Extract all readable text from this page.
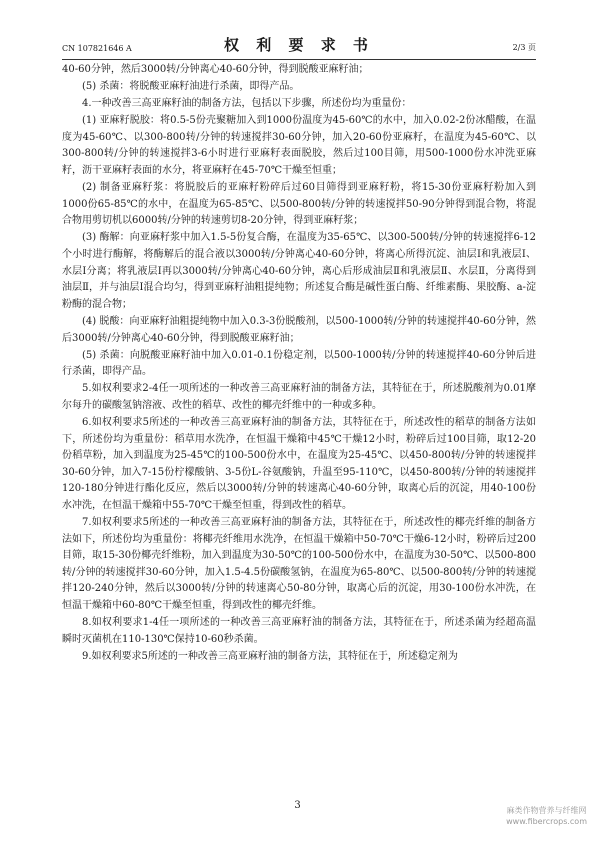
CN 107821646 A	权 利 要 求 书	2/3 页

40-60分钟，然后3000转/分钟离心40-60分钟，得到脱酸亚麻籽油；

(5) 杀菌：将脱酸亚麻籽油进行杀菌，即得产品。

4.一种改善三高亚麻籽油的制备方法，包括以下步骤，所述份均为重量份：

(1) 亚麻籽脱胶：将0.5-5份壳聚糖加入到1000份温度为45-60℃的水中，加入0.02-2份冰醋酸，在温度为45-60℃、以300-800转/分钟的转速搅拌30-60分钟，加入20-60份亚麻籽，在温度为45-60℃、以300-800转/分钟的转速搅拌3-6小时进行亚麻籽表面脱胶，然后过100目筛，用500-1000份水冲洗亚麻籽，沥干亚麻籽表面的水分，将亚麻籽在45-70℃干燥至恒重；

(2) 制备亚麻籽浆：将脱胶后的亚麻籽粉碎后过60目筛得到亚麻籽粉，将15-30份亚麻籽粉加入到1000份65-85℃的水中，在温度为65-85℃、以500-800转/分钟的转速搅拌50-90分钟得到混合物，将混合物用剪切机以6000转/分钟的转速剪切8-20分钟，得到亚麻籽浆；

(3) 酶解：向亚麻籽浆中加入1.5-5份复合酶，在温度为35-65℃、以300-500转/分钟的转速搅拌6-12个小时进行酶解，将酶解后的混合液以3000转/分钟离心40-60分钟，将离心所得沉淀、油层Ⅰ和乳液层Ⅰ、水层Ⅰ分离；将乳液层Ⅰ再以3000转/分钟离心40-60分钟，离心后形成油层Ⅱ和乳液层Ⅱ、水层Ⅱ，分离得到油层Ⅱ，并与油层Ⅰ混合均匀，得到亚麻籽油粗提纯物；所述复合酶是碱性蛋白酶、纤维素酶、果胶酶、a-淀粉酶的混合物；

(4) 脱酸：向亚麻籽油粗提纯物中加入0.3-3份脱酸剂，以500-1000转/分钟的转速搅拌40-60分钟，然后3000转/分钟离心40-60分钟，得到脱酸亚麻籽油；

(5) 杀菌：向脱酸亚麻籽油中加入0.01-0.1份稳定剂，以500-1000转/分钟的转速搅拌40-60分钟后进行杀菌，即得产品。

5.如权利要求2-4任一项所述的一种改善三高亚麻籽油的制备方法，其特征在于，所述脱酸剂为0.01摩尔每升的碳酸氢钠溶液、改性的稻草、改性的椰壳纤维中的一种或多种。

6.如权利要求5所述的一种改善三高亚麻籽油的制备方法，其特征在于，所述改性的稻草的制备方法如下，所述份均为重量份：稻草用水洗净，在恒温干燥箱中45℃干燥12小时，粉碎后过100目筛，取12-20份稻草粉，加入到温度为25-45℃的100-500份水中，在温度为25-45℃、以450-800转/分钟的转速搅拌30-60分钟，加入7-15份柠檬酸钠、3-5份L-谷氨酸钠，升温至95-110℃，以450-800转/分钟的转速搅拌120-180分钟进行酯化反应，然后以3000转/分钟的转速离心40-60分钟，取离心后的沉淀，用40-100份水冲洗，在恒温干燥箱中55-70℃干燥至恒重，得到改性的稻草。

7.如权利要求5所述的一种改善三高亚麻籽油的制备方法，其特征在于，所述改性的椰壳纤维的制备方法如下，所述份均为重量份：将椰壳纤维用水洗净，在恒温干燥箱中50-70℃干燥6-12小时，粉碎后过200目筛，取15-30份椰壳纤维粉，加入到温度为30-50℃的100-500份水中，在温度为30-50℃、以500-800转/分钟的转速搅拌30-60分钟，加入1.5-4.5份碳酸氢钠，在温度为65-80℃、以500-800转/分钟的转速搅拌120-240分钟，然后以3000转/分钟的转速离心50-80分钟，取离心后的沉淀，用30-100份水冲洗，在恒温干燥箱中60-80℃干燥至恒重，得到改性的椰壳纤维。

8.如权利要求1-4任一项所述的一种改善三高亚麻籽油的制备方法，其特征在于，所述杀菌为经超高温瞬时灭菌机在110-130℃保持10-60秒杀菌。

9.如权利要求5所述的一种改善三高亚麻籽油的制备方法，其特征在于，所述稳定剂为

3	麻类作物营养与纤维网
www.fibercrops.com
